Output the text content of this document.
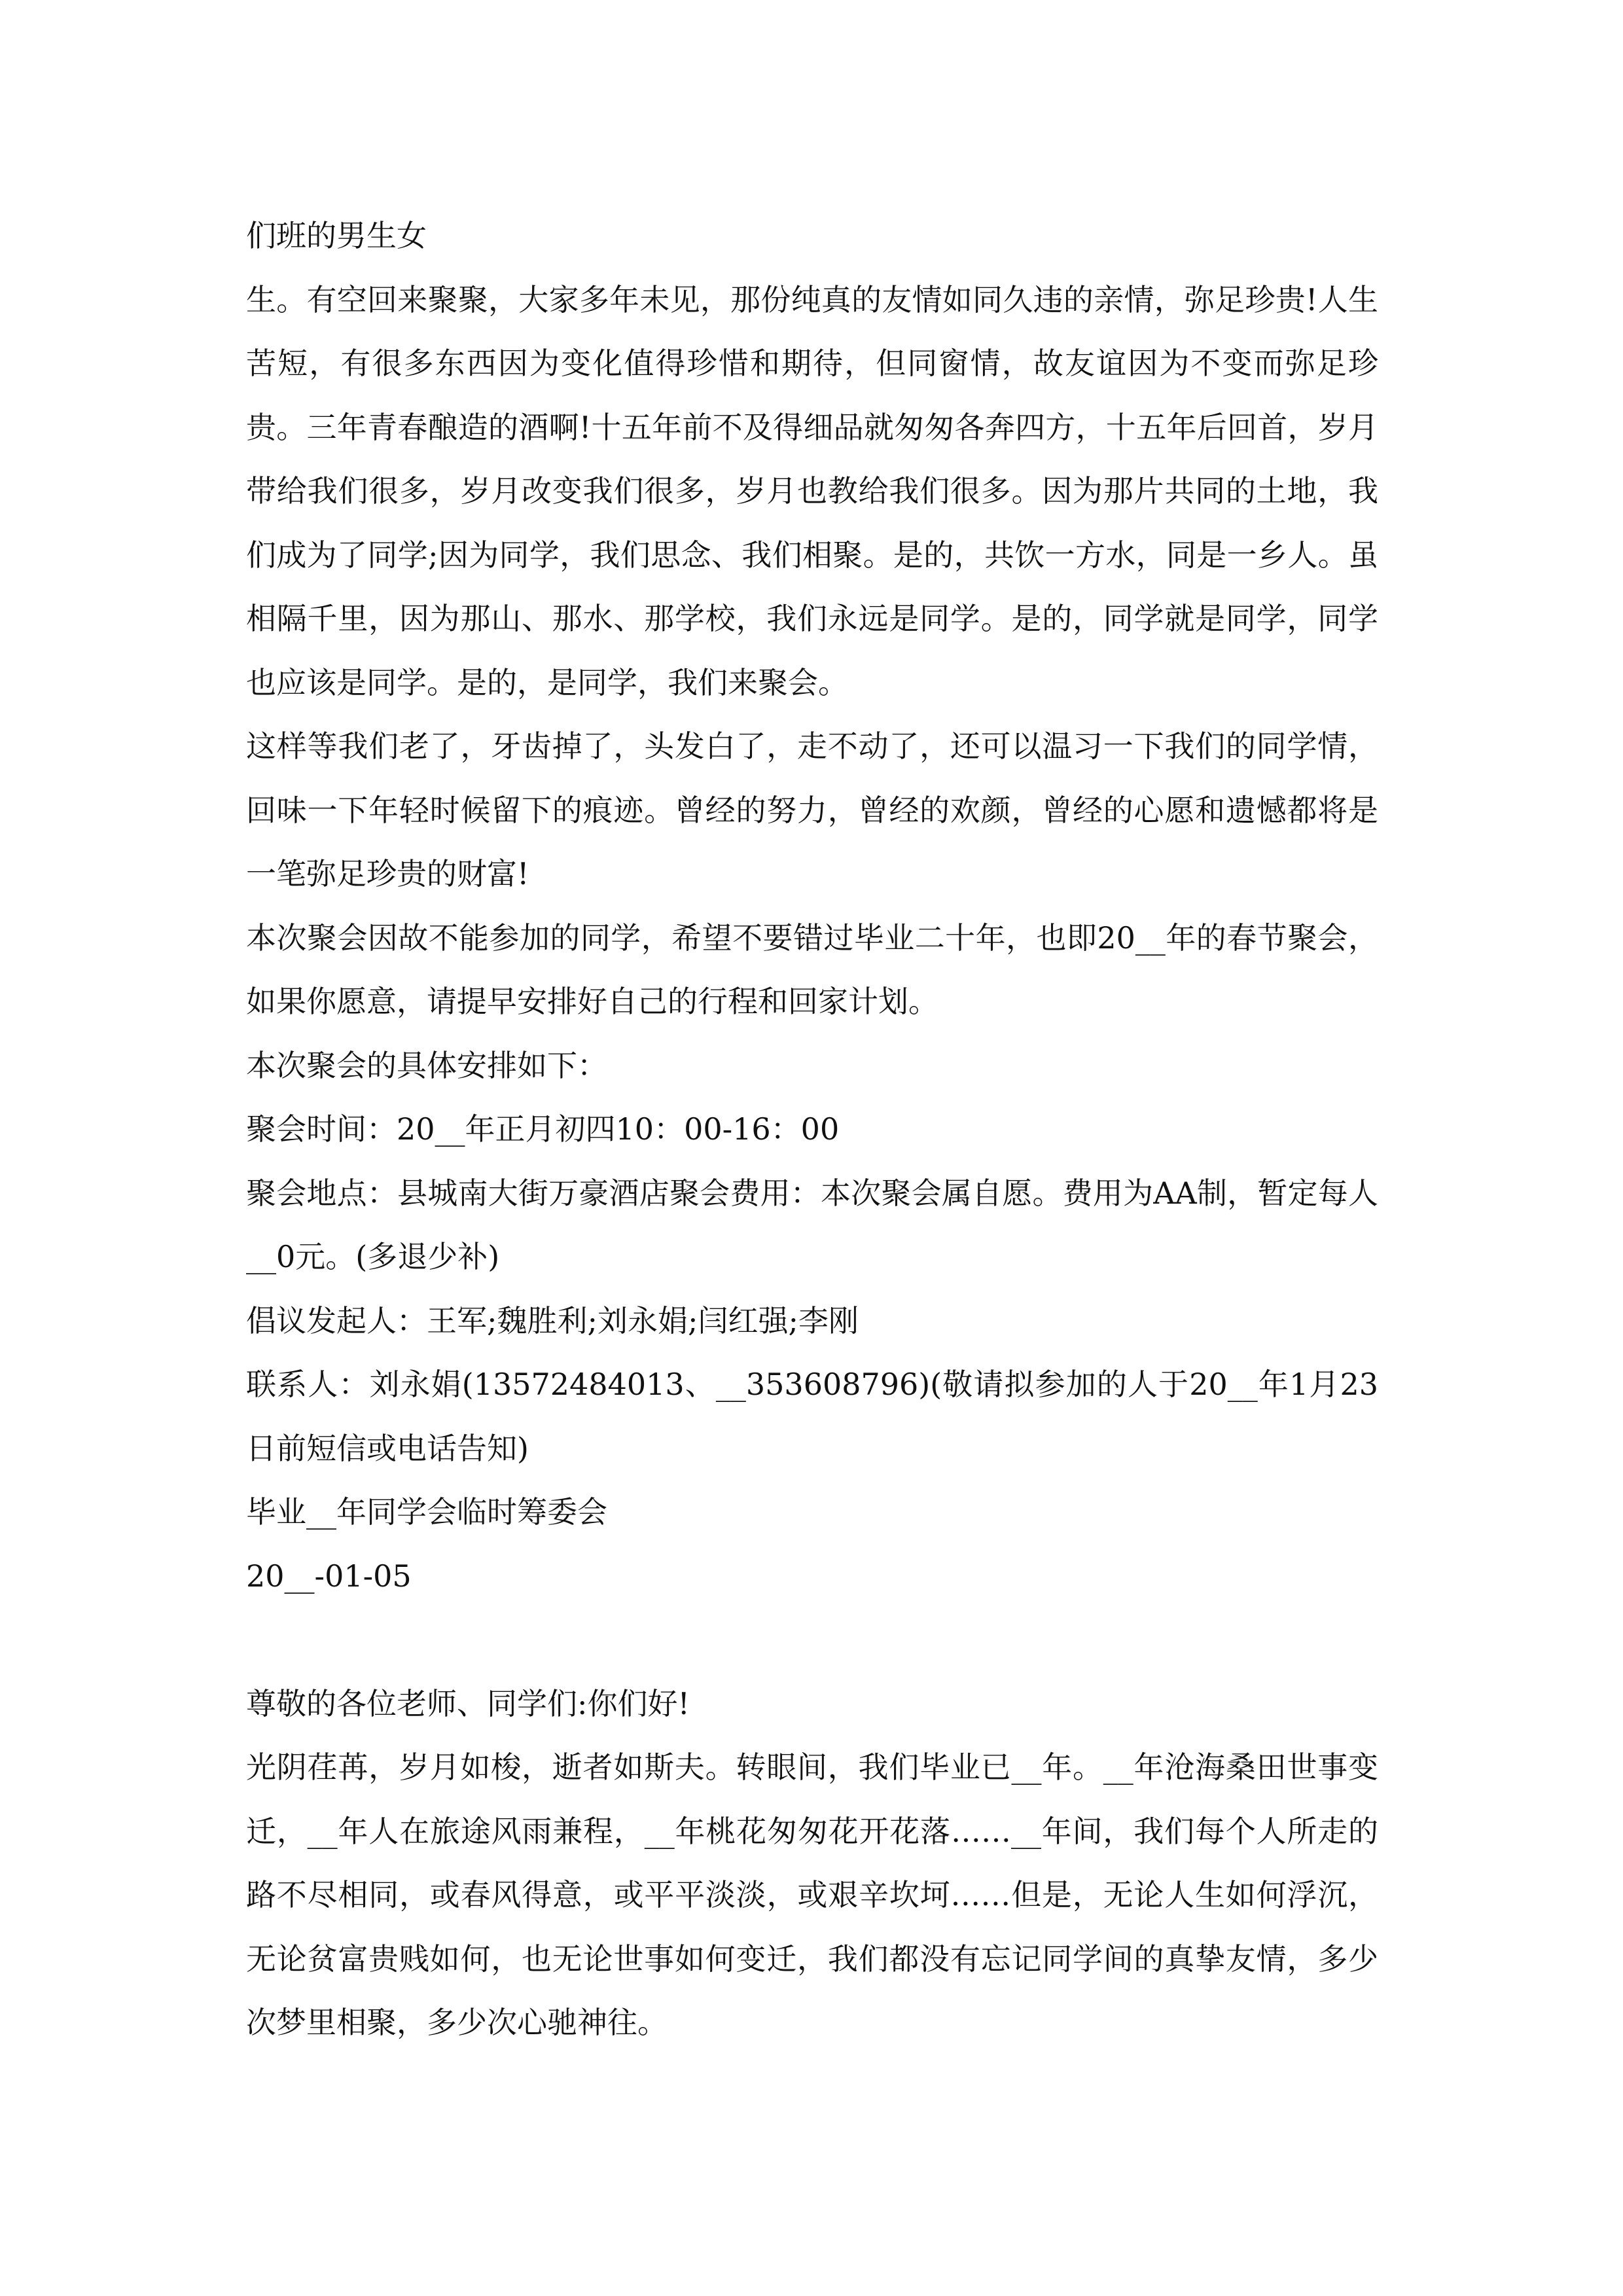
们班的男生女

生。有空回来聚聚，大家多年未见，那份纯真的友情如同久违的亲情，弥足珍贵!人生苦短，有很多东西因为变化值得珍惜和期待，但同窗情，故友谊因为不变而弥足珍贵。三年青春酿造的酒啊!十五年前不及得细品就匆匆各奔四方，十五年后回首，岁月带给我们很多，岁月改变我们很多，岁月也教给我们很多。因为那片共同的土地，我们成为了同学;因为同学，我们思念、我们相聚。是的，共饮一方水，同是一乡人。虽相隔千里，因为那山、那水、那学校，我们永远是同学。是的，同学就是同学，同学也应该是同学。是的，是同学，我们来聚会。

这样等我们老了，牙齿掉了，头发白了，走不动了，还可以温习一下我们的同学情，回味一下年轻时候留下的痕迹。曾经的努力，曾经的欢颜，曾经的心愿和遗憾都将是一笔弥足珍贵的财富!

本次聚会因故不能参加的同学，希望不要错过毕业二十年，也即20__年的春节聚会，如果你愿意，请提早安排好自己的行程和回家计划。

本次聚会的具体安排如下：

聚会时间：20__年正月初四10：00-16：00

聚会地点：县城南大街万豪酒店聚会费用：本次聚会属自愿。费用为AA制，暂定每人__0元。(多退少补)

倡议发起人：王军;魏胜利;刘永娟;闫红强;李刚

联系人：刘永娟(13572484013、__353608796)(敬请拟参加的人于20__年1月23日前短信或电话告知)

毕业__年同学会临时筹委会

20__-01-05

尊敬的各位老师、同学们:你们好!

光阴荏苒，岁月如梭，逝者如斯夫。转眼间，我们毕业已__年。__年沧海桑田世事变迁，__年人在旅途风雨兼程，__年桃花匆匆花开花落……__年间，我们每个人所走的路不尽相同，或春风得意，或平平淡淡，或艰辛坎坷……但是，无论人生如何浮沉，无论贫富贵贱如何，也无论世事如何变迁，我们都没有忘记同学间的真挚友情，多少次梦里相聚，多少次心驰神往。
